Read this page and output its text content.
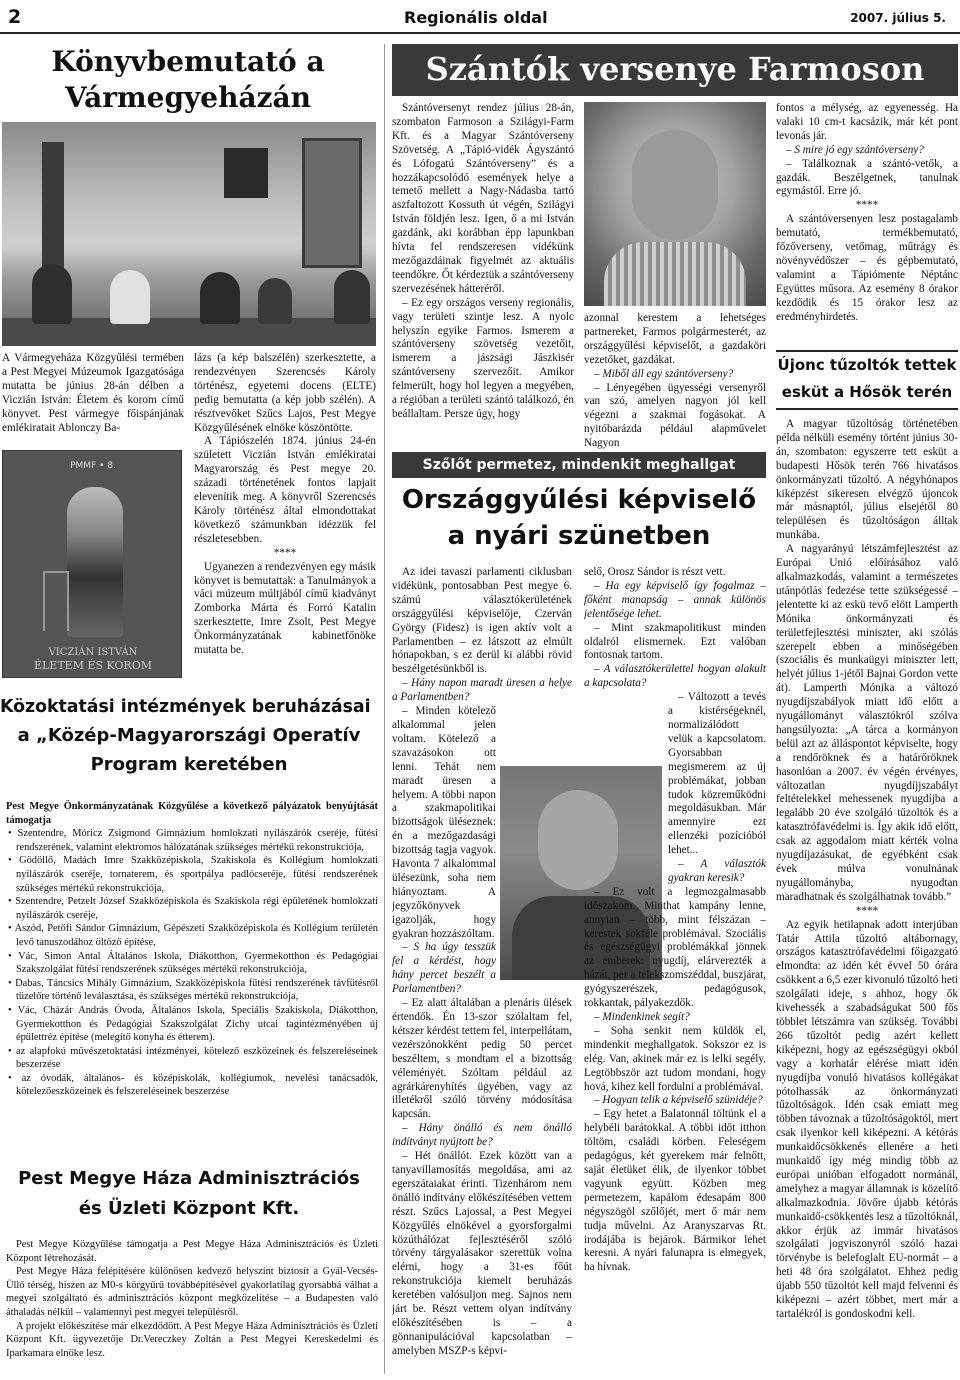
2	Regionális oldal	2007. július 5.
Könyvbemutató a
Vármegyeházán

A Vármegyeháza Közgyűlési termében a Pest Megyei Múzeumok Igazgatósága mutatta be június 28-án délben a Viczián István: Életem és korom című könyvet. Pest vármegye főispánjának emlékiratait Ablonczy Ba-

PMMF • 8.
VICZIÁN ISTVÁN
ÉLETEM ÉS KOROM

lázs (a kép balszélén) szerkesztette, a rendezvényen Szerencsés Károly történész, egyetemi docens (ELTE) pedig bemutatta (a kép jobb szélén). A résztvevőket Szűcs Lajos, Pest Megye Közgyűlésének elnöke köszöntötte.

A Tápiószelén 1874. június 24-én született Viczián István emlékiratai Magyarország és Pest megye 20. századi történetének fontos lapjait elevenítik meg. A könyvről Szerencsés Károly történész által elmondottakat következő számunkban idézzük fel részletesebben.

****

Ugyanezen a rendezvényen egy másik könyvet is bemutattak: a Tanulmányok a váci múzeum múltjából című kiadványt Zomborka Márta és Forró Katalin szerkesztette, Imre Zsolt, Pest Megye Önkormányzatának kabinetfőnöke mutatta be.

Közoktatási intézmények beruházásai
a „Közép-Magyarországi Operatív
Program keretében

Pest Megye Önkormányzatának Közgyűlése a következő pályázatok benyújtását támogatja

• Szentendre, Móricz Zsigmond Gimnázium homlokzati nyílászárók cseréje, fűtési rendszerének, valamint elektromos hálózatának szükséges mértékű rekonstrukciója,
• Gödöllő, Madách Imre Szakközépiskola, Szakiskola és Kollégium homlokzati nyílászárók cseréje, tornaterem, és sportpálya padlócseréje, fűtési rendszerének szükséges mértékű rekonstrukciója,
• Szentendre, Petzelt József Szakközépiskola és Szakiskola régi épületének homlokzati nyílászárók cseréje,
• Aszód, Petőfi Sándor Gimnázium, Gépészeti Szakközépiskola és Kollégium területén levő tanuszodához öltöző építése,
• Vác, Simon Antal Általános Iskola, Diákotthon, Gyermekotthon és Pedagógiai Szakszolgálat fűtési rendszerének szükséges mértékű rekonstrukciója,
• Dabas, Táncsics Mihály Gimnázium, Szakközépiskola fűtési rendszerének távfűtésről tüzelőre történő leválasztása, és szükséges mértékű rekonstrukciója,
• Vác, Cházár András Óvoda, Általános Iskola, Speciális Szakiskola, Diákotthon, Gyermekotthon és Pedagógiai Szakszolgálat Zichy utcai tagintézményében új épülettréz építése (melegítő konyha és étterem).
• az alapfokú művészetoktatási intézményei, kötelező eszközeinek és felszereléseinek beszerzése
• az óvodák, általános- és középiskolák, kollégiumok, nevelési tanácsadók, kötelezőeszközeinek és felszereléseinek beszerzése
Pest Megye Háza Adminisztrációs
és Üzleti Központ Kft.

Pest Megye Közgyűlése támogatja a Pest Megye Háza Adminisztrációs és Üzleti Központ létrehozását.

Pest Megye Háza felépítésére különösen kedvező helyszínt biztosít a Gyál-Vecsés-Üllő térség, hiszen az M0-s körgyűrű továbbépítésével gyakorlatilag gyorsabbá válhat a megyei szolgáltató és adminisztrációs központ megközelítése – a Budapesten való áthaladás nélkül – valamennyi pest megyei településről.

A projekt előkészítése már elkezdődött. A Pest Megye Háza Adminisztrációs és Üzleti Központ Kft. ügyvezetője Dr.Vereczkey Zoltán a Pest Megyei Kereskedelmi és Iparkamara elnöke lesz.

Szántók versenye Farmoson

Szántóversenyt rendez július 28-án, szombaton Farmoson a Szilágyi-Farm Kft. és a Magyar Szántóverseny Szövetség. A „Tápió-vidék Ágyszántó és Lófogatú Szántóverseny” és a hozzákapcsolódó események helye a temető mellett a Nagy-Nádasba tartó aszfaltozott Kossuth út végén, Szilágyi István földjén lesz. Igen, ő a mi István gazdánk, aki korábban épp lapunkban hívta fel rendszeresen vidékünk mezőgazdáinak figyelmét az aktuális teendőkre. Őt kérdeztük a szántóverseny szervezésének hátteréről.

– Ez egy országos verseny regionális, vagy területi szintje lesz. A nyolc helyszín egyike Farmos. Ismerem a szántóverseny szövetség vezetőit, ismerem a jászsági Jászkisér szántóverseny szervezőit. Amikor felmerült, hogy hol legyen a megyében, a régióban a területi szántó találkozó, én beállaltam. Persze úgy, hogy

azonnal kerestem a lehetséges partnereket, Farmos polgármesterét, az országgyűlési képviselőt, a gazdaköri vezetőket, gazdákat.

– Miből áll egy szántóverseny?

– Lényegében ügyességi versenyről van szó, amelyen nagyon jól kell végezni a szakmai fogásokat. A nyitóbarázda például alapművelet Nagyon

fontos a mélység, az egyenesség. Ha valaki 10 cm-t kacsázik, már két pont levonás jár.

– S mire jó egy szántóverseny?

– Találkoznak a szántó-vetők, a gazdák. Beszélgetnek, tanulnak egymástól. Erre jó.

****

A szántóversenyen lesz postagalamb bemutató, termékbemutató, főzőverseny, vetőmag, műtrágy és növényvédőszer – és gépbemutató, valamint a Tápiómente Néptánc Együttes műsora. Az esemény 8 órakor kezdődik és 15 órakor lesz az eredményhirdetés.

Szőlőt permetez, mindenkit meghallgat
Országgyűlési képviselő
a nyári szünetben

Az idei tavaszi parlamenti ciklusban vidékünk, pontosabban Pest megye 6. számú választókerületének országgyűlési képviselője, Czerván György (Fidesz) is igen aktív volt a Parlamentben – ez látszott az elmúlt hónapokban, s ez derül ki alábbi rövid beszélgetésünkből is.

– Hány napon maradt üresen a helye a Parlamentben?

– Minden kötelező alkalommal jelen voltam. Kötelező a szavazásokon ott lenni. Tehát nem maradt üresen a helyem. A többi napon a szakmapolitikai bizottságok üléseznek: én a mezőgazdasági bizottság tagja vagyok. Havonta 7 alkalommal ülésezünk, soha nem hiányoztam. A jegyzőkönyvek igazolják, hogy gyakran hozzászóltam.

– S ha úgy tesszük fel a kérdést, hogy hány percet beszélt a Parlamentben?

– Ez alatt általában a plenáris ülések értendők. Én 13-szor szólaltam fel, kétszer kérdést tettem fel, interpellátam, vezérszónokként pedig 50 percet beszéltem, s mondtam el a bizottság véleményét. Szóltam például az agrárkárenyhítés ügyében, vagy az illetékről szóló törvény módosítása kapcsán.

– Hány önálló és nem önálló indítványt nyújtott be?

– Hét önállót. Ezek között van a tanyavillamosítás megoldása, ami az egerszátaiakat érinti. Tizenhárom nem önálló indítvány előkészítésében vettem részt. Szűcs Lajossal, a Pest Megyei Közgyűlés elnökével a gyorsforgalmi közúthálózat fejlesztéséről szóló törvény tárgyalásakor szerettük volna elérni, hogy a 31-es főút rekonstrukciója kiemelt beruházás keretében valósuljon meg. Sajnos nem járt be. Részt vettem olyan indítvány előkészítésében is – a gönnanipulációval kapcsolatban – amelyben MSZP-s képvi-

selő, Orosz Sándor is részt vett.

– Ha egy képviselő így fogalmaz – főként manapság – annak különös jelentősége lehet.

– Mint szakmapolitikust minden oldalról elismernek. Ezt valóban fontosnak tartom.

– A választókerülettel hogyan alakult a kapcsolata?

– Változott a tevés a kistérségeknél, normalizálódott velük a kapcsolatom. Gyorsabban megismerem az új problémákat, jobban tudok közreműködni megoldásukban. Már amennyire ezt ellenzéki pozícióból lehet...

– A választók gyakran keresik?

– Ez volt a legmozgalmasabb időszakom. Minthat kampány lenne, annyian – több, mint félszázan – kerestek sokféle problémával. Szociális és egészségügyi problémákkal jönnek az emberek: nyugdíj, elárverezték a házát, per a telekszomszéddal, buszjárat, gyógyszerészek, pedagógusok, rokkantak, pályakezdők.

– Mindenkinek segít?

– Soha senkit nem küldök el, mindenkit meghallgatok. Sokszor ez is elég. Van, akinek már ez is lelki segély. Legtöbbször azt tudom mondani, hogy hová, kihez kell fordulni a problémával.

– Hogyan telik a képviselő szünidéje?

– Egy hetet a Balatonnál töltünk el a helybéli barátokkal. A többi időt itthon töltöm, családi körben. Feleségem pedagógus, két gyerekem már felnőtt, saját életüket élik, de ilyenkor többet vagyunk együtt. Közben meg permetezem, kapálom édesapám 800 négyszögöl szőlőjét, mert ő már nem tudja művelni. Az Aranyszarvas Rt. irodájába is bejárok. Bármikor lehet keresni. A nyári falunapra is elmegyek, ha hívnak.

Újonc tűzoltók tettek
esküt a Hősök terén

A magyar tűzoltóság történetében példa nélküli esemény történt június 30-án, szombaton: egyszerre tett esküt a budapesti Hősök terén 766 hivatásos önkormányzati tűzoltó. A négyhónapos kiképzést sikeresen elvégző újoncok már másnaptól, július elsejétől 80 településen és tűzoltóságon álltak munkába.

A nagyarányú létszámfejlesztést az Európai Unió előírásához való alkalmazkodás, valamint a természetes utánpótlás fedezése tette szükségessé – jelentette ki az eskü tevő elött Lamperth Mónika önkormányzati és területfejlesztési miniszter, aki szólás szerepelt ebben a minőségében (szociális és munkaügyi miniszter lett, helyét július 1-jétől Bajnai Gordon vette át). Lamperth Mónika a változó nyugdíjszabályok miatt idő előtt a nyugállományt választókról szólva hangsúlyozta: „A tárca a kormányon belül azt az álláspontot képviselte, hogy a rendőröknek és a határőröknek hasonlóan a 2007. év végén érvényes, változatlan nyugdíjjszabályt feltételekkel mehessenek nyugdíjba a legalább 20 éve szolgáló tűzoltók és a katasztrófavédelmi is. Így akik idő előtt, csak az aggodalom miatt kérték volna nyugdíjazásukat, de egyébként csak évek múlva vonulnának nyugállományba, nyugodtan maradhatnak és szolgálhatnak tovább.”

****

Az egyik hetilapnak adott interjúban Tatár Attila tűzoltó altábornagy, országos katasztrófavédelmi főigazgató elmondta: az idén két évvel 50 órára csökkent a 6,5 ezer kivonuló tűzoltó heti szolgálati ideje, s ahhoz, hogy ők kivehessék a szabadságukat 500 fős többlet létszámra van szükség. További 266 tűzoltót pedig azért kellett kiképezni, hogy az egészségügyi okból vagy a korhatár elérése miatt idén nyugdíjba vonuló hivatásos kollégákat pótolhassák az önkormányzati tűzoltóságok. Idén csak emiatt meg többen távoznak a tűzoltóságoktól, mert csak ilyenkor kell kiképezni. A kétórás munkaidőcsökkenés ellenére a heti munkaidő így még mindig több az európai unióban elfogadott normánál, amelyhez a magyar államnak is közelítő alkalmazkodnia. Jövőre újabb kétórás munkaidő-csökkentés lesz a tűzoltóknál, akkor érjük az immár hivatásos szolgálati jogviszonyról szóló hazai törvénybe is belefoglalt EU-normát – a heti 48 óra szolgálatot. Ehhez pedig újabb 550 tűzoltót kell majd felvenni és kiképezni – azért többet, mert már a tartalékról is gondoskodni kell.
